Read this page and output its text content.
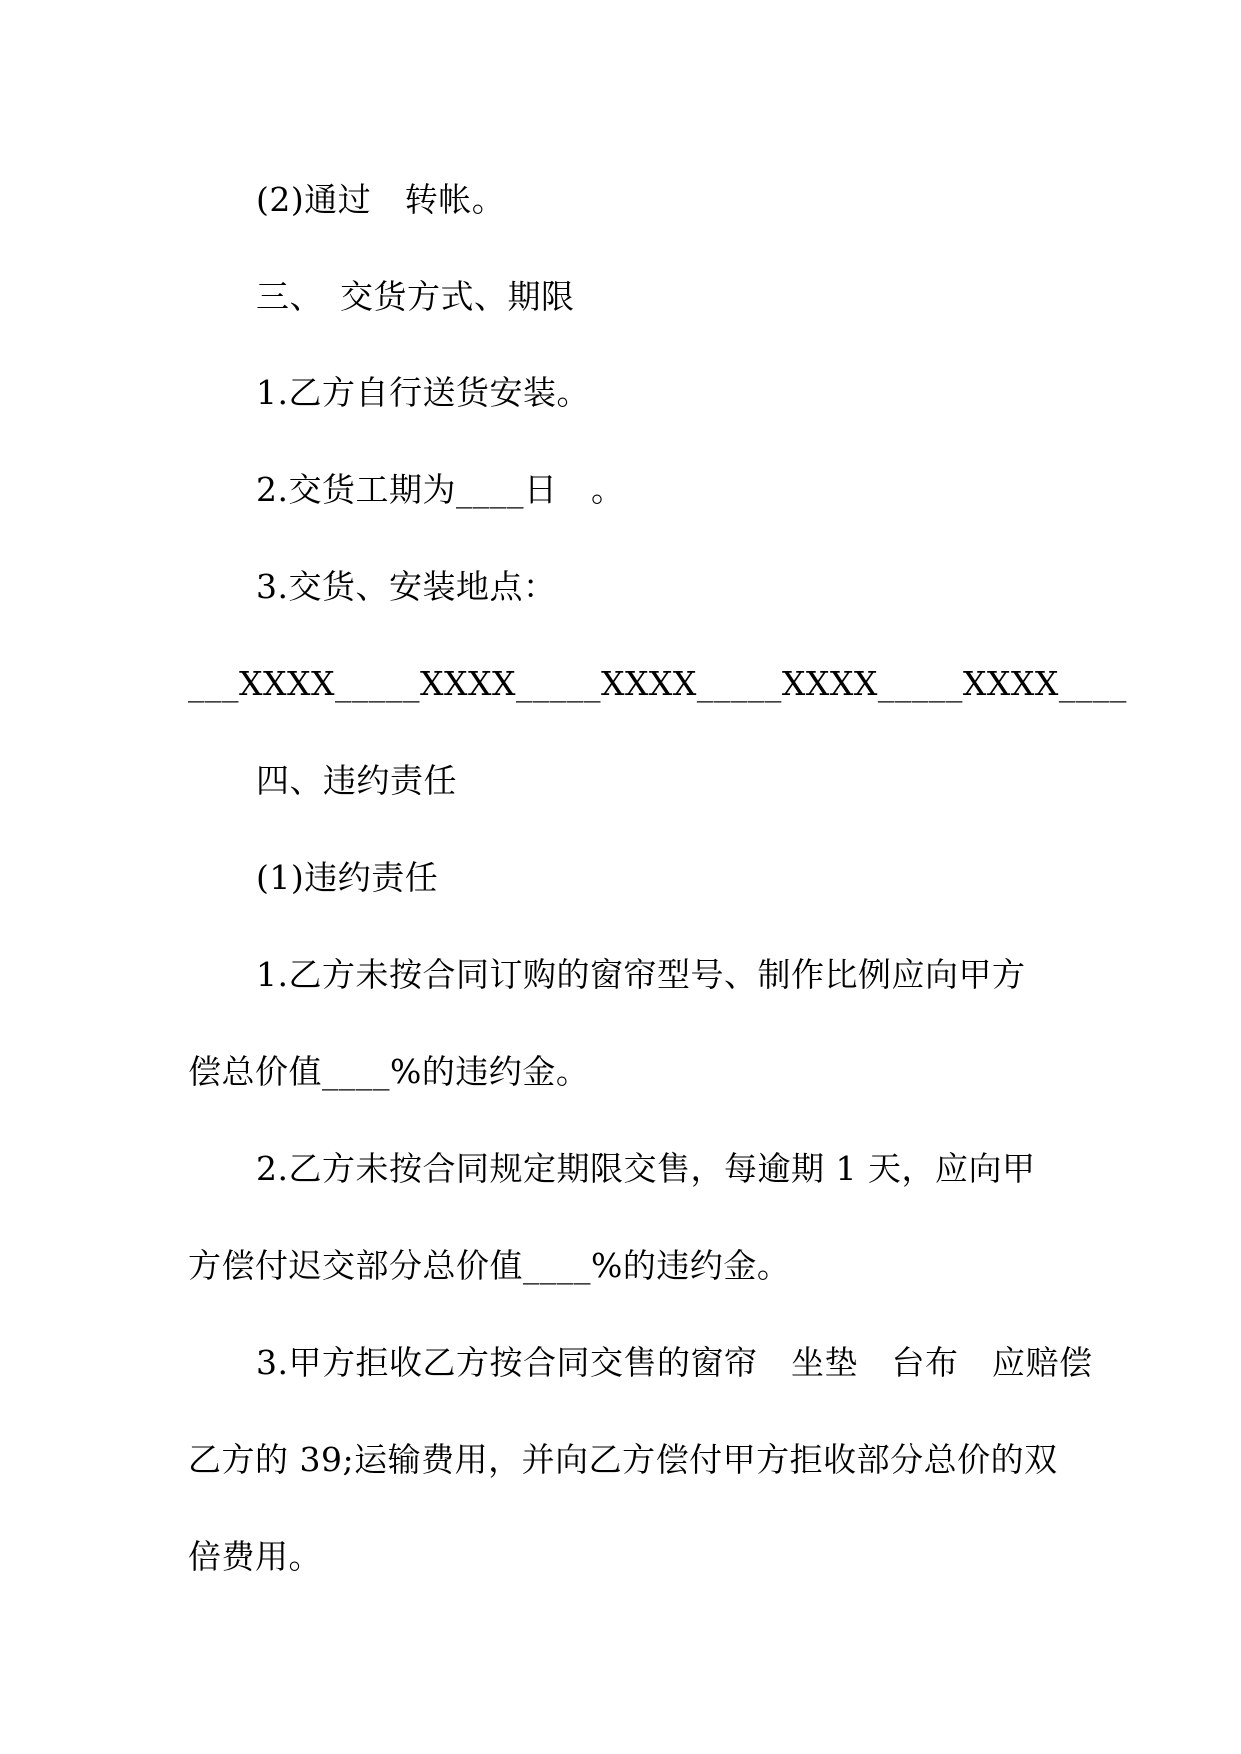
(2)通过　转帐。
三、　交货方式、期限
1.乙方自行送货安装。
2.交货工期为____日　。
3.交货、安装地点：
___XXXX_____XXXX_____XXXX_____XXXX_____XXXX____
四、违约责任
(1)违约责任
1.乙方未按合同订购的窗帘型号、制作比例应向甲方
偿总价值____%的违约金。
2.乙方未按合同规定期限交售，每逾期 1 天，应向甲
方偿付迟交部分总价值____%的违约金。
3.甲方拒收乙方按合同交售的窗帘　坐垫　台布　应赔偿
乙方的 39;运输费用，并向乙方偿付甲方拒收部分总价的双
倍费用。
